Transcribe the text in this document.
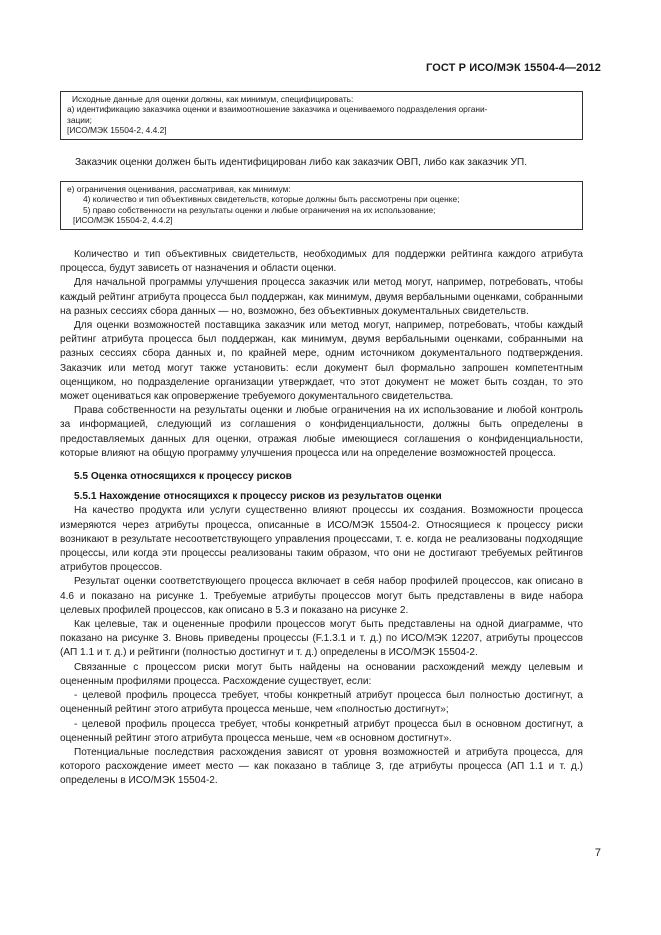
ГОСТ Р ИСО/МЭК 15504-4—2012

Исходные данные для оценки должны, как минимум, специфицировать:

а) идентификацию заказчика оценки и взаимоотношение заказчика и оцениваемого подразделения органи-

зации;

[ИСО/МЭК 15504-2, 4.4.2]

Заказчик оценки должен быть идентифицирован либо как заказчик ОВП, либо как заказчик УП.

е) ограничения оценивания, рассматривая, как минимум:

4) количество и тип объективных свидетельств, которые должны быть рассмотрены при оценке;

5) право собственности на результаты оценки и любые ограничения на их использование;

[ИСО/МЭК 15504-2, 4.4.2]

Количество и тип объективных свидетельств, необходимых для поддержки рейтинга каждого атрибута процесса, будут зависеть от назначения и области оценки.

Для начальной программы улучшения процесса заказчик или метод могут, например, потребовать, чтобы каждый рейтинг атрибута процесса был поддержан, как минимум, двумя вербальными оценками, собранными на разных сессиях сбора данных — но, возможно, без объективных документальных свидетельств.

Для оценки возможностей поставщика заказчик или метод могут, например, потребовать, чтобы каждый рейтинг атрибута процесса был поддержан, как минимум, двумя вербальными оценками, собранными на разных сессиях сбора данных и, по крайней мере, одним источником документального подтверждения. Заказчик или метод могут также установить: если документ был формально запрошен компетентным оценщиком, но подразделение организации утверждает, что этот документ не может быть создан, то это может оцениваться как опровержение требуемого документального свидетельства.

Права собственности на результаты оценки и любые ограничения на их использование и любой контроль за информацией, следующий из соглашения о конфиденциальности, должны быть определены в предоставляемых данных для оценки, отражая любые имеющиеся соглашения о конфиденциальности, которые влияют на общую программу улучшения процесса или на определение возможностей процесса.

5.5 Оценка относящихся к процессу рисков
5.5.1 Нахождение относящихся к процессу рисков из результатов оценки

На качество продукта или услуги существенно влияют процессы их создания. Возможности процесса измеряются через атрибуты процесса, описанные в ИСО/МЭК 15504-2. Относящиеся к процессу риски возникают в результате несоответствующего управления процессами, т. е. когда не реализованы подходящие процессы, или когда эти процессы реализованы таким образом, что они не достигают требуемых рейтингов атрибутов процессов.

Результат оценки соответствующего процесса включает в себя набор профилей процессов, как описано в 4.6 и показано на рисунке 1. Требуемые атрибуты процессов могут быть представлены в виде набора целевых профилей процессов, как описано в 5.3 и показано на рисунке 2.

Как целевые, так и оцененные профили процессов могут быть представлены на одной диаграмме, что показано на рисунке 3. Вновь приведены процессы (F.1.3.1 и т. д.) по ИСО/МЭК 12207, атрибуты процессов (АП 1.1 и т. д.) и рейтинги (полностью достигнут и т. д.) определены в ИСО/МЭК 15504-2.

Связанные с процессом риски могут быть найдены на основании расхождений между целевым и оцененным профилями процесса. Расхождение существует, если:

- целевой профиль процесса требует, чтобы конкретный атрибут процесса был полностью достигнут, а оцененный рейтинг этого атрибута процесса меньше, чем «полностью достигнут»;

- целевой профиль процесса требует, чтобы конкретный атрибут процесса был в основном достигнут, а оцененный рейтинг этого атрибута процесса меньше, чем «в основном достигнут».

Потенциальные последствия расхождения зависят от уровня возможностей и атрибута процесса, для которого расхождение имеет место — как показано в таблице 3, где атрибуты процесса (АП 1.1 и т. д.) определены в ИСО/МЭК 15504-2.

7
